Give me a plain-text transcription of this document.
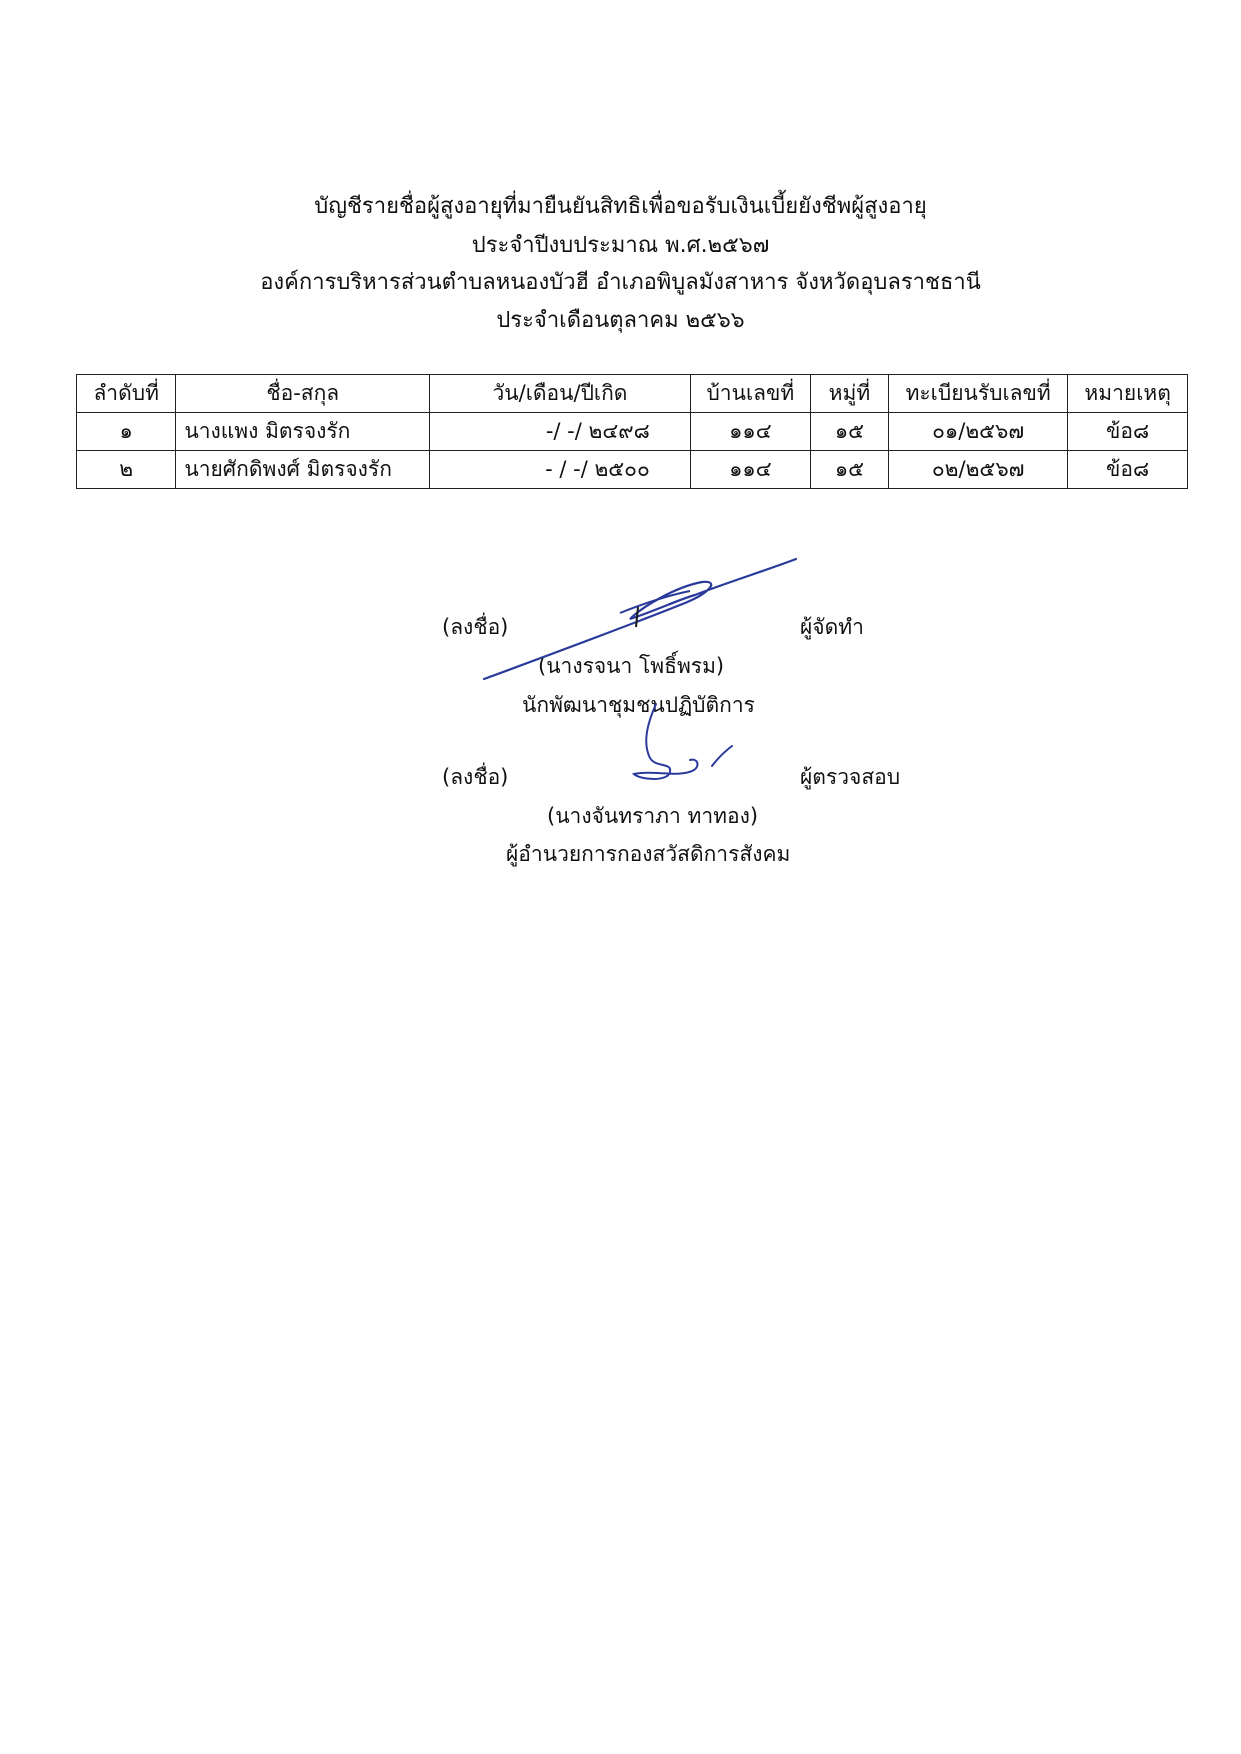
บัญชีรายชื่อผู้สูงอายุที่มายืนยันสิทธิเพื่อขอรับเงินเบี้ยยังชีพผู้สูงอายุ
ประจำปีงบประมาณ พ.ศ.๒๕๖๗
องค์การบริหารส่วนตำบลหนองบัวฮี อำเภอพิบูลมังสาหาร จังหวัดอุบลราชธานี
ประจำเดือนตุลาคม ๒๕๖๖
ลำดับที่	ชื่อ-สกุล	วัน/เดือน/ปีเกิด	บ้านเลขที่	หมู่ที่	ทะเบียนรับเลขที่	หมายเหตุ
๑	นางแพง มิตรจงรัก	-/ -/ ๒๔๙๘	๑๑๔	๑๕	๐๑/๒๕๖๗	ข้อ๘
๒	นายศักดิพงศ์ มิตรจงรัก	- / -/ ๒๕๐๐	๑๑๔	๑๕	๐๒/๒๕๖๗	ข้อ๘
(ลงชื่อ)	ผู้จัดทำ
(นางรจนา โพธิ์พรม)
นักพัฒนาชุมชนปฏิบัติการ
(ลงชื่อ)	ผู้ตรวจสอบ
(นางจันทราภา ทาทอง)
ผู้อำนวยการกองสวัสดิการสังคม
